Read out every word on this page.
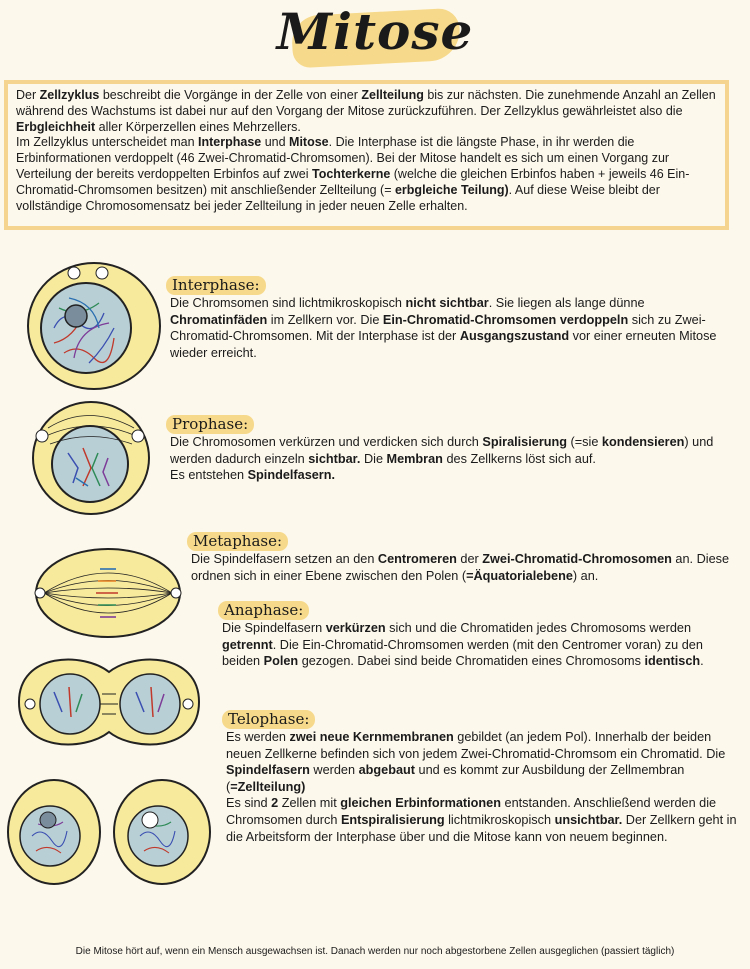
Mitose

Der Zellzyklus beschreibt die Vorgänge in der Zelle von einer Zellteilung bis zur nächsten. Die zunehmende Anzahl an Zellen während des Wachstums ist dabei nur auf den Vorgang der Mitose zurückzuführen. Der Zellzyklus gewährleistet also die Erbgleichheit aller Körperzellen eines Mehrzellers.

Im Zellzyklus unterscheidet man Interphase und Mitose. Die Interphase ist die längste Phase, in ihr werden die Erbinformationen verdoppelt (46 Zwei-Chromatid-Chromsomen). Bei der Mitose handelt es sich um einen Vorgang zur Verteilung der bereits verdoppelten Erbinfos auf zwei Tochterkerne (welche die gleichen Erbinfos haben + jeweils 46 Ein-Chromatid-Chromsomen besitzen) mit anschließender Zellteilung (= erbgleiche Teilung). Auf diese Weise bleibt der vollständige Chromosomensatz bei jeder Zellteilung in jeder neuen Zelle erhalten.

Interphase:

Die Chromsomen sind lichtmikroskopisch nicht sichtbar. Sie liegen als lange dünne Chromatinfäden im Zellkern vor. Die Ein-Chromatid-Chromsomen verdoppeln sich zu Zwei-Chromatid-Chromsomen. Mit der Interphase ist der Ausgangszustand vor einer erneuten Mitose wieder erreicht.

Prophase:

Die Chromosomen verkürzen und verdicken sich durch Spiralisierung (=sie kondensieren) und werden dadurch einzeln sichtbar. Die Membran des Zellkerns löst sich auf.

Es entstehen Spindelfasern.

Metaphase:

Die Spindelfasern setzen an den Centromeren der Zwei-Chromatid-Chromosomen an. Diese ordnen sich in einer Ebene zwischen den Polen (=Äquatorialebene) an.

Anaphase:

Die Spindelfasern verkürzen sich und die Chromatiden jedes Chromosoms werden getrennt. Die Ein-Chromatid-Chromsomen werden (mit den Centromer voran) zu den beiden Polen gezogen. Dabei sind beide Chromatiden eines Chromosoms identisch.

Telophase:

Es werden zwei neue Kernmembranen gebildet (an jedem Pol). Innerhalb der beiden neuen Zellkerne befinden sich von jedem Zwei-Chromatid-Chromsom ein Chromatid. Die Spindelfasern werden abgebaut und es kommt zur Ausbildung der Zellmembran (=Zellteilung)

Es sind 2 Zellen mit gleichen Erbinformationen entstanden. Anschließend werden die Chromsomen durch Entspiralisierung lichtmikroskopisch unsichtbar. Der Zellkern geht in die Arbeitsform der Interphase über und die Mitose kann von neuem beginnen.

Die Mitose hört auf, wenn ein Mensch ausgewachsen ist. Danach werden nur noch abgestorbene Zellen ausgeglichen (passiert täglich)
